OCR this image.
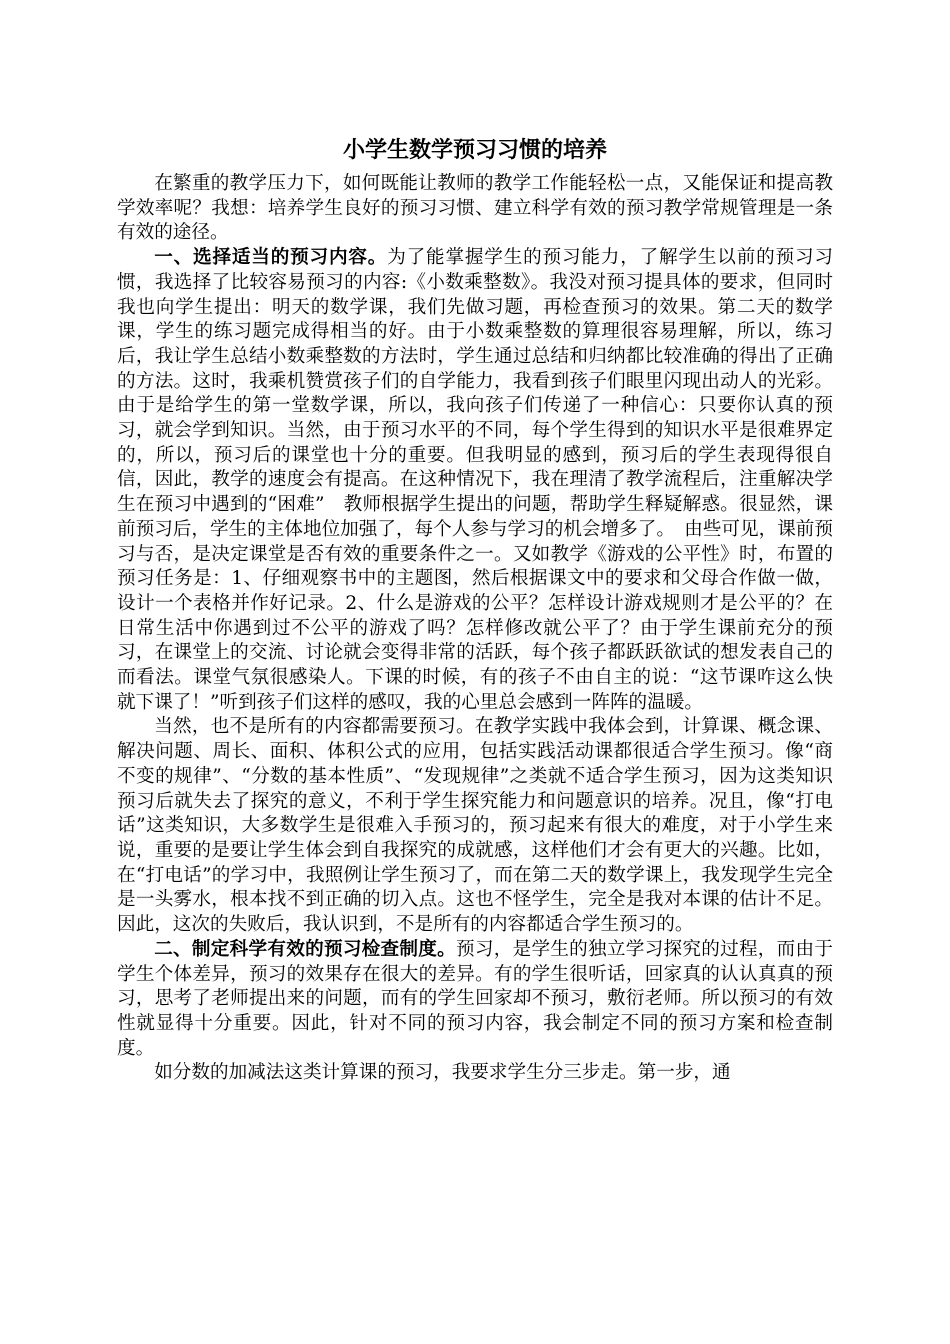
小学生数学预习习惯的培养

在繁重的教学压力下，如何既能让教师的教学工作能轻松一点，又能保证和提高教学效率呢？我想：培养学生良好的预习习惯、建立科学有效的预习教学常规管理是一条有效的途径。

一、选择适当的预习内容。为了能掌握学生的预习能力，了解学生以前的预习习惯，我选择了比较容易预习的内容:《小数乘整数》。我没对预习提具体的要求，但同时我也向学生提出：明天的数学课，我们先做习题，再检查预习的效果。第二天的数学课，学生的练习题完成得相当的好。由于小数乘整数的算理很容易理解，所以，练习后，我让学生总结小数乘整数的方法时，学生通过总结和归纳都比较准确的得出了正确的方法。这时，我乘机赞赏孩子们的自学能力，我看到孩子们眼里闪现出动人的光彩。由于是给学生的第一堂数学课，所以，我向孩子们传递了一种信心：只要你认真的预习，就会学到知识。当然，由于预习水平的不同，每个学生得到的知识水平是很难界定的，所以，预习后的课堂也十分的重要。但我明显的感到，预习后的学生表现得很自信，因此，教学的速度会有提高。在这种情况下，我在理清了教学流程后，注重解决学生在预习中遇到的“困难”　教师根据学生提出的问题，帮助学生释疑解惑。很显然，课前预习后，学生的主体地位加强了，每个人参与学习的机会增多了。　由些可见，课前预习与否，是决定课堂是否有效的重要条件之一。又如教学《游戏的公平性》时，布置的预习任务是：1、仔细观察书中的主题图，然后根据课文中的要求和父母合作做一做，设计一个表格并作好记录。2、什么是游戏的公平？怎样设计游戏规则才是公平的？在日常生活中你遇到过不公平的游戏了吗？怎样修改就公平了？由于学生课前充分的预习，在课堂上的交流、讨论就会变得非常的活跃，每个孩子都跃跃欲试的想发表自己的而看法。课堂气氛很感染人。下课的时候，有的孩子不由自主的说：“这节课咋这么快就下课了！”听到孩子们这样的感叹，我的心里总会感到一阵阵的温暖。

当然，也不是所有的内容都需要预习。在教学实践中我体会到，计算课、概念课、解决问题、周长、面积、体积公式的应用，包括实践活动课都很适合学生预习。像“商不变的规律”、“分数的基本性质”、“发现规律”之类就不适合学生预习，因为这类知识预习后就失去了探究的意义，不利于学生探究能力和问题意识的培养。况且，像“打电话”这类知识，大多数学生是很难入手预习的，预习起来有很大的难度，对于小学生来说，重要的是要让学生体会到自我探究的成就感，这样他们才会有更大的兴趣。比如，在“打电话”的学习中，我照例让学生预习了，而在第二天的数学课上，我发现学生完全是一头雾水，根本找不到正确的切入点。这也不怪学生，完全是我对本课的估计不足。因此，这次的失败后，我认识到，不是所有的内容都适合学生预习的。

二、制定科学有效的预习检查制度。预习，是学生的独立学习探究的过程，而由于学生个体差异，预习的效果存在很大的差异。有的学生很听话，回家真的认认真真的预习，思考了老师提出来的问题，而有的学生回家却不预习，敷衍老师。所以预习的有效性就显得十分重要。因此，针对不同的预习内容，我会制定不同的预习方案和检查制度。

如分数的加减法这类计算课的预习，我要求学生分三步走。第一步，通
